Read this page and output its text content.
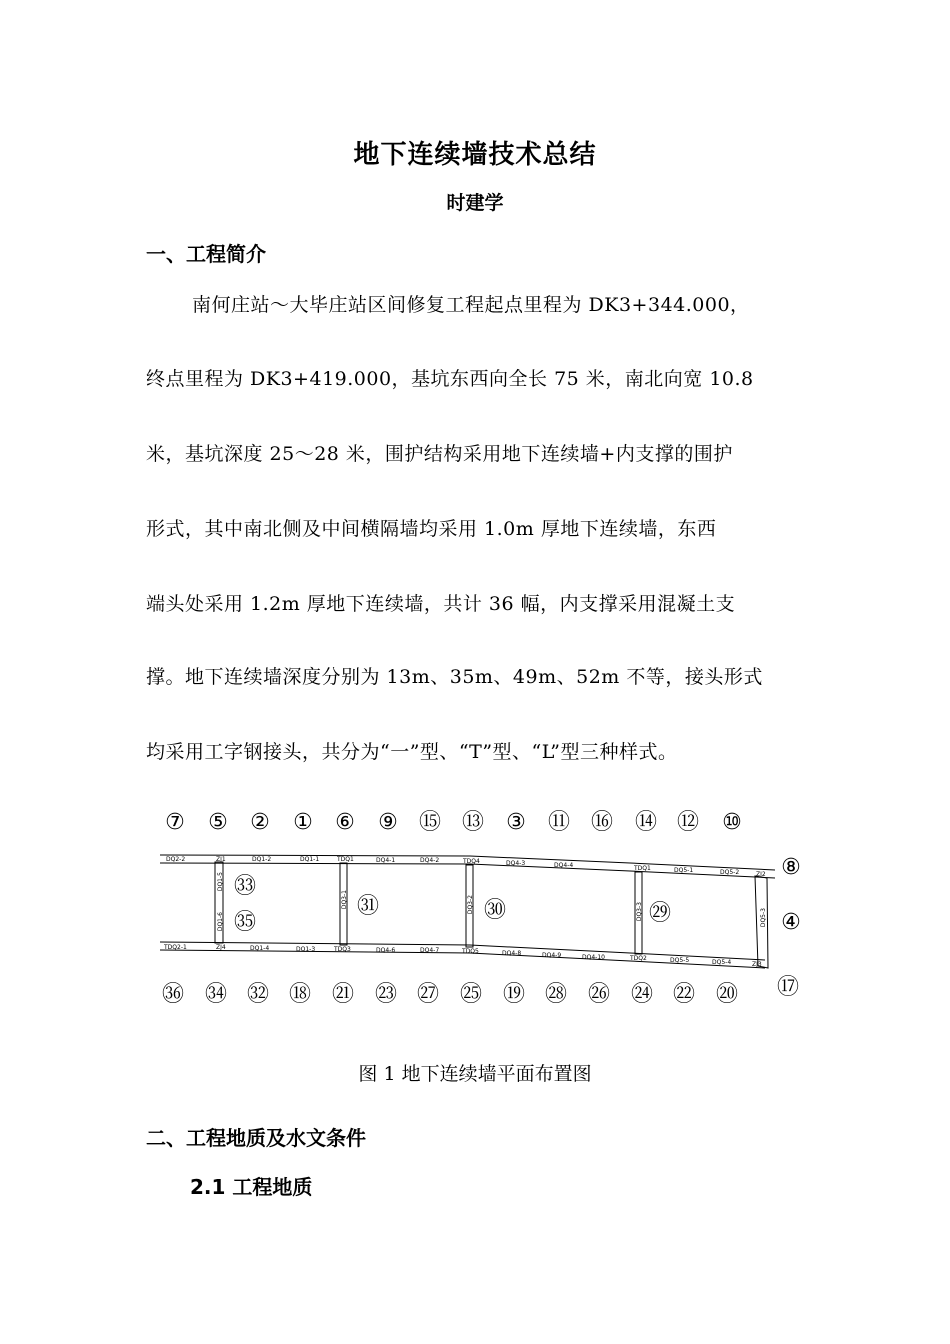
地下连续墙技术总结
时建学
一、工程简介
南何庄站～大毕庄站区间修复工程起点里程为 DK3+344.000，
终点里程为 DK3+419.000，基坑东西向全长 75 米，南北向宽 10.8
米，基坑深度 25～28 米，围护结构采用地下连续墙+内支撑的围护
形式，其中南北侧及中间横隔墙均采用 1.0m 厚地下连续墙，东西
端头处采用 1.2m 厚地下连续墙，共计 36 幅，内支撑采用混凝土支
撑。地下连续墙深度分别为 13m、35m、49m、52m 不等，接头形式
均采用工字钢接头，共分为“一”型、“T”型、“L”型三种样式。
DQ2-2	ZJ1	DQ1-2	DQ1-1	TDQ1	DQ4-1	DQ4-2	TDQ4	DQ4-3	DQ4-4	TDQ1	DQ5-1	DQ5-2	ZJ2
TDQ2-1	ZJ4	DQ1-4	DQ1-3	TDQ3	DQ4-6	DQ4-7	TDQ5	DQ4-8	DQ4-9	DQ4-10	TDQ2	DQ5-5	DQ5-4	ZJ3
DQ1-5
DQ1-6
DQ3-1	DQ3-2	DQ3-3	DQ5-3
⑦ ⑤ ② ① ⑥ ⑨ ⑮ ⑬ ③ ⑪ ⑯ ⑭ ⑫ ⑩
㊱ ㉞ ㉜ ⑱ ㉑ ㉓ ㉗ ㉕ ⑲ ㉘ ㉖ ㉔ ㉒ ⑳
⑧
④
⑰
㉝
㉟
㉛	㉚	㉙
图 1 地下连续墙平面布置图
二、工程地质及水文条件
2.1 工程地质
